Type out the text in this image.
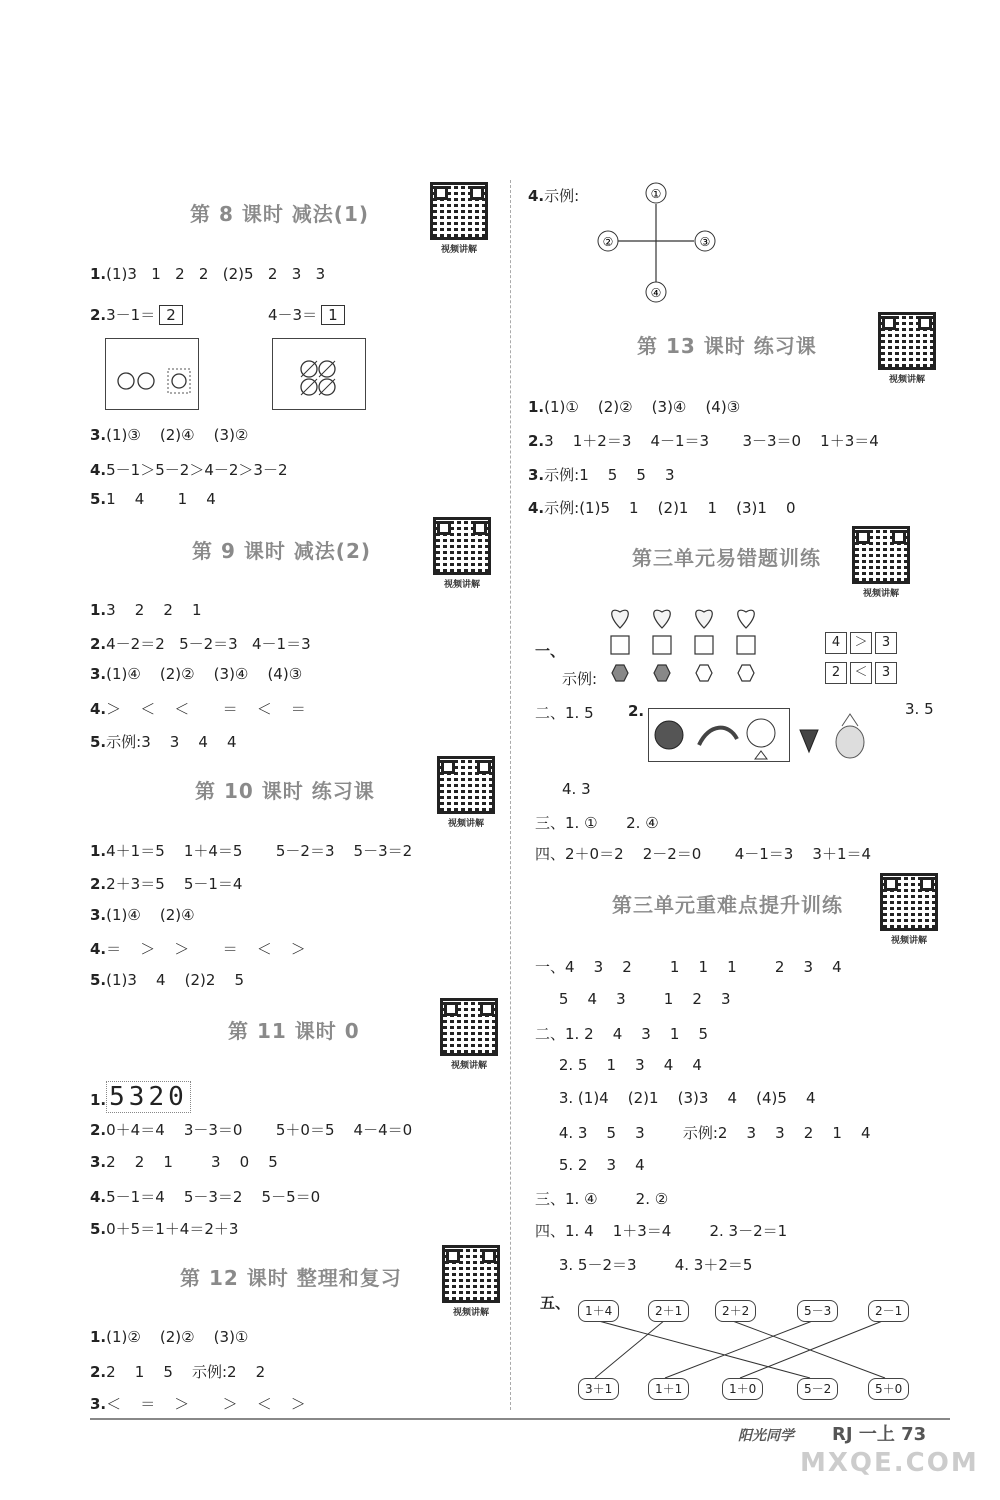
第 8 课时 减法(1)
视频讲解
1.(1)3   1   2   2   (2)5   2   3   3
2.3－1＝ 2	4－3＝ 1
3.(1)③    (2)④    (3)②
4.5－1＞5－2＞4－2＞3－2
5.1    4       1    4
第 9 课时 减法(2)
视频讲解
1.3    2    2    1
2.4－2＝2   5－2＝3   4－1＝3
3.(1)④    (2)②    (3)④    (4)③
4.＞    ＜    ＜       ＝    ＜    ＝
5.示例:3    3    4    4
第 10 课时 练习课
视频讲解
1.4＋1＝5    1＋4＝5       5－2＝3    5－3＝2
2.2＋3＝5    5－1＝4
3.(1)④    (2)④
4.＝    ＞    ＞       ＝    ＜    ＞
5.(1)3    4    (2)2    5
第 11 课时 0
视频讲解
1. 5320
2.0＋4＝4    3－3＝0       5＋0＝5    4－4＝0
3.2    2    1        3    0    5
4.5－1＝4    5－3＝2    5－5＝0
5.0＋5＝1＋4＝2＋3
第 12 课时 整理和复习
视频讲解
1.(1)②    (2)②    (3)①
2.2    1    5    示例:2    2
3.＜    ＝    ＞       ＞    ＜    ＞
4.示例:	①
②	③
④
第 13 课时 练习课
视频讲解
1.(1)①    (2)②    (3)④    (4)③
2.3    1＋2＝3    4－1＝3       3－3＝0    1＋3＝4
3.示例:1    5    5    3
4.示例:(1)5    1    (2)1    1    (3)1    0
第三单元易错题训练
视频讲解
一、
示例:
4	＞	3
2	＜	3
二、1. 5 2.	3. 5
4. 3
三、1. ①      2. ④
四、2＋0＝2    2－2＝0       4－1＝3    3＋1＝4
第三单元重难点提升训练
视频讲解
一、4    3    2        1    1    1        2    3    4
5    4    3        1    2    3
二、1. 2    4    3    1    5
2. 5    1    3    4    4
3. (1)4    (2)1    (3)3    4    (4)5    4
4. 3    5    3        示例:2    3    3    2    1    4
5. 2    3    4
三、1. ④        2. ②
四、1. 4    1＋3＝4        2. 3－2＝1
3. 5－2＝3        4. 3＋2＝5
五、	1＋4	2＋1	2＋2	5－3	2－1
3＋1	1＋1	1＋0	5－2	5＋0
阳光同学 RJ 一上 73
MXQE.COM
